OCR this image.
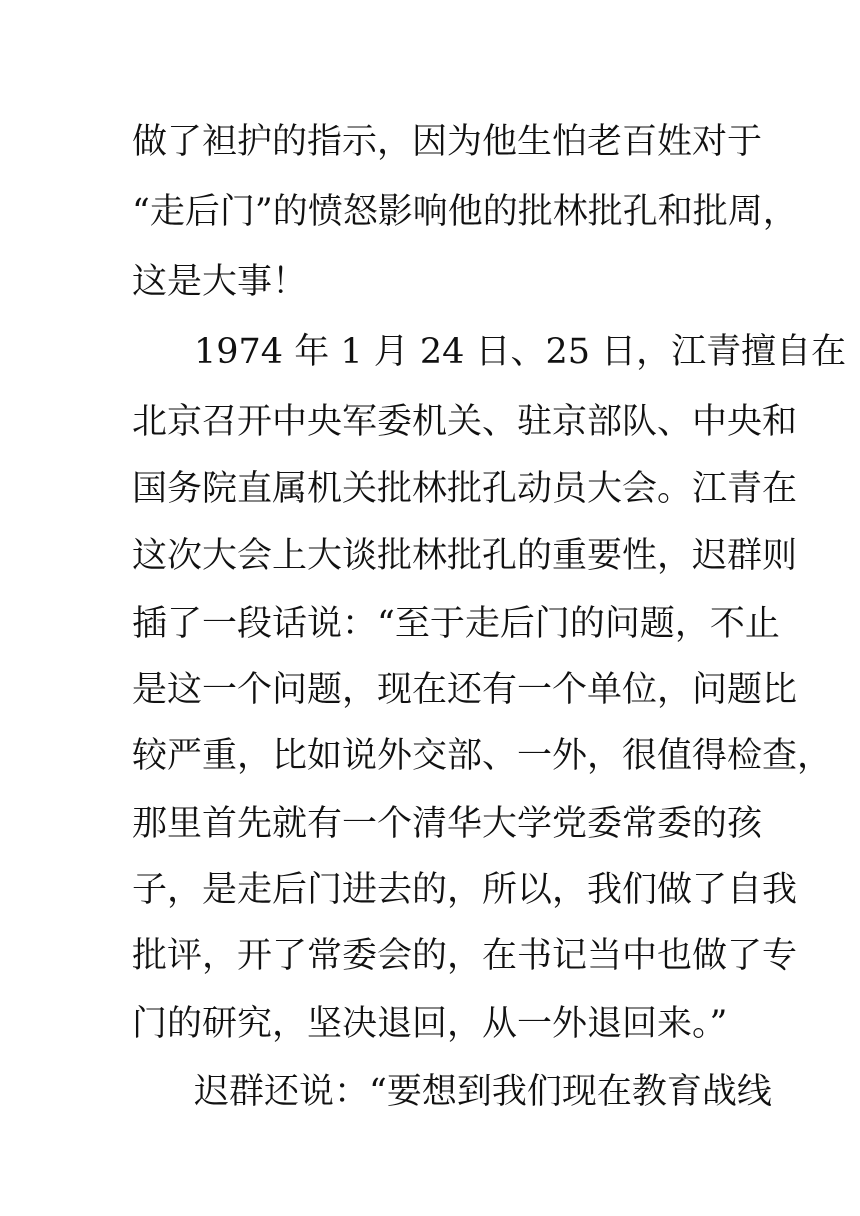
做了袒护的指示，因为他生怕老百姓对于
“走后门”的愤怒影响他的批林批孔和批周，
这是大事！
1974 年 1 月 24 日、25 日，江青擅自在
北京召开中央军委机关、驻京部队、中央和
国务院直属机关批林批孔动员大会。江青在
这次大会上大谈批林批孔的重要性，迟群则
插了一段话说：“至于走后门的问题，不止
是这一个问题，现在还有一个单位，问题比
较严重，比如说外交部、一外，很值得检查，
那里首先就有一个清华大学党委常委的孩
子，是走后门进去的，所以，我们做了自我
批评，开了常委会的，在书记当中也做了专
门的研究，坚决退回，从一外退回来。”
迟群还说：“要想到我们现在教育战线
